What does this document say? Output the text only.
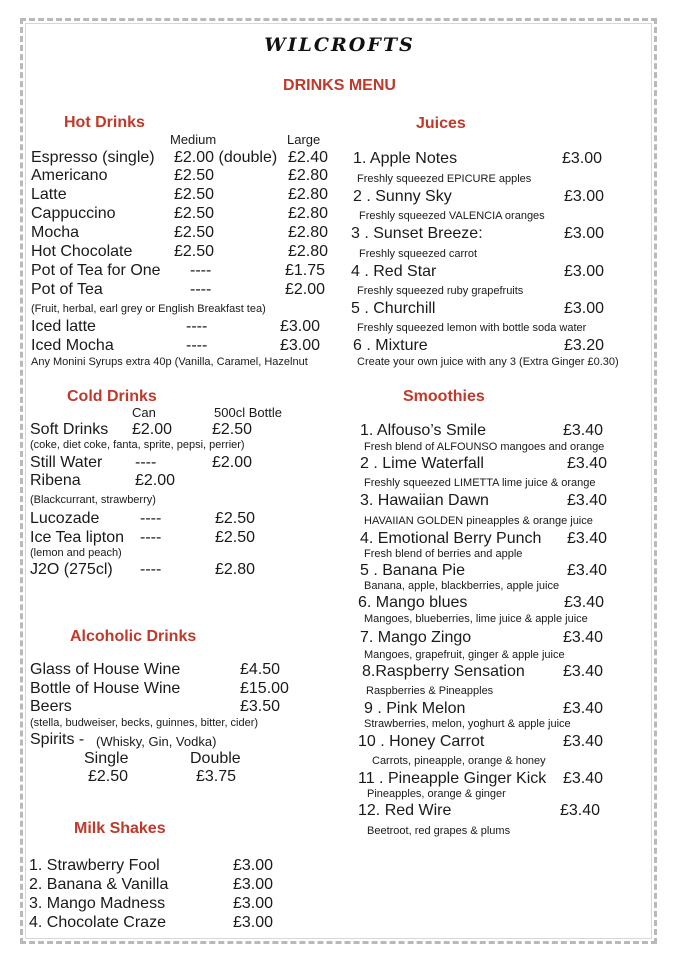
WILCROFTS
DRINKS MENU
Hot Drinks
Medium	Large
Espresso (single) £2.00 (double) £2.40
Americano	£2.50	£2.80
Latte	£2.50	£2.80
Cappuccino	£2.50	£2.80
Mocha	£2.50	£2.80
Hot Chocolate	£2.50	£2.80
Pot of Tea for One ----	£1.75
Pot of Tea	----	£2.00
(Fruit, herbal, earl grey or English Breakfast tea)
Iced latte	----	£3.00
Iced Mocha	----	£3.00
Any Monini Syrups extra 40p (Vanilla, Caramel, Hazelnut
Cold Drinks
Can	500cl Bottle
Soft Drinks £2.00 £2.50
(coke, diet coke, fanta, sprite, pepsi, perrier)
Still Water ----	£2.00
Ribena	£2.00
(Blackcurrant, strawberry)
Lucozade	----	£2.50
Ice Tea lipton ----	£2.50
(lemon and peach)
J2O (275cl) ----	£2.80
Alcoholic Drinks
Glass of House Wine	£4.50
Bottle of House Wine	£15.00
Beers	£3.50
(stella, budweiser, becks, guinnes, bitter, cider)
Spirits - (Whisky, Gin, Vodka)
Single	Double
£2.50	£3.75
Milk Shakes
1. Strawberry Fool	£3.00
2. Banana & Vanilla	£3.00
3. Mango Madness	£3.00
4. Chocolate Craze	£3.00
Juices
1. Apple Notes	£3.00
Freshly squeezed EPICURE apples
2 . Sunny Sky	£3.00
Freshly squeezed VALENCIA oranges
3 . Sunset Breeze:	£3.00
Freshly squeezed carrot
4 . Red Star	£3.00
Freshly squeezed ruby grapefruits
5 . Churchill	£3.00
Freshly squeezed lemon with bottle soda water
6 . Mixture	£3.20
Create your own juice with any 3 (Extra Ginger £0.30)
Smoothies
1. Alfouso’s Smile	£3.40
Fresh blend of ALFOUNSO mangoes and orange
2 . Lime Waterfall	£3.40
Freshly squeezed LIMETTA lime juice & orange
3. Hawaiian Dawn	£3.40
HAVAIIAN GOLDEN pineapples & orange juice
4. Emotional Berry Punch £3.40
Fresh blend of berries and apple
5 . Banana Pie	£3.40
Banana, apple, blackberries, apple juice
6. Mango blues	£3.40
Mangoes, blueberries, lime juice & apple juice
7. Mango Zingo	£3.40
Mangoes, grapefruit, ginger & apple juice
8.Raspberry Sensation £3.40
Raspberries & Pineapples
9 . Pink Melon	£3.40
Strawberries, melon, yoghurt & apple juice
10 . Honey Carrot	£3.40
Carrots, pineapple, orange & honey
11 . Pineapple Ginger Kick £3.40
Pineapples, orange & ginger
12. Red Wire	£3.40
Beetroot, red grapes & plums
